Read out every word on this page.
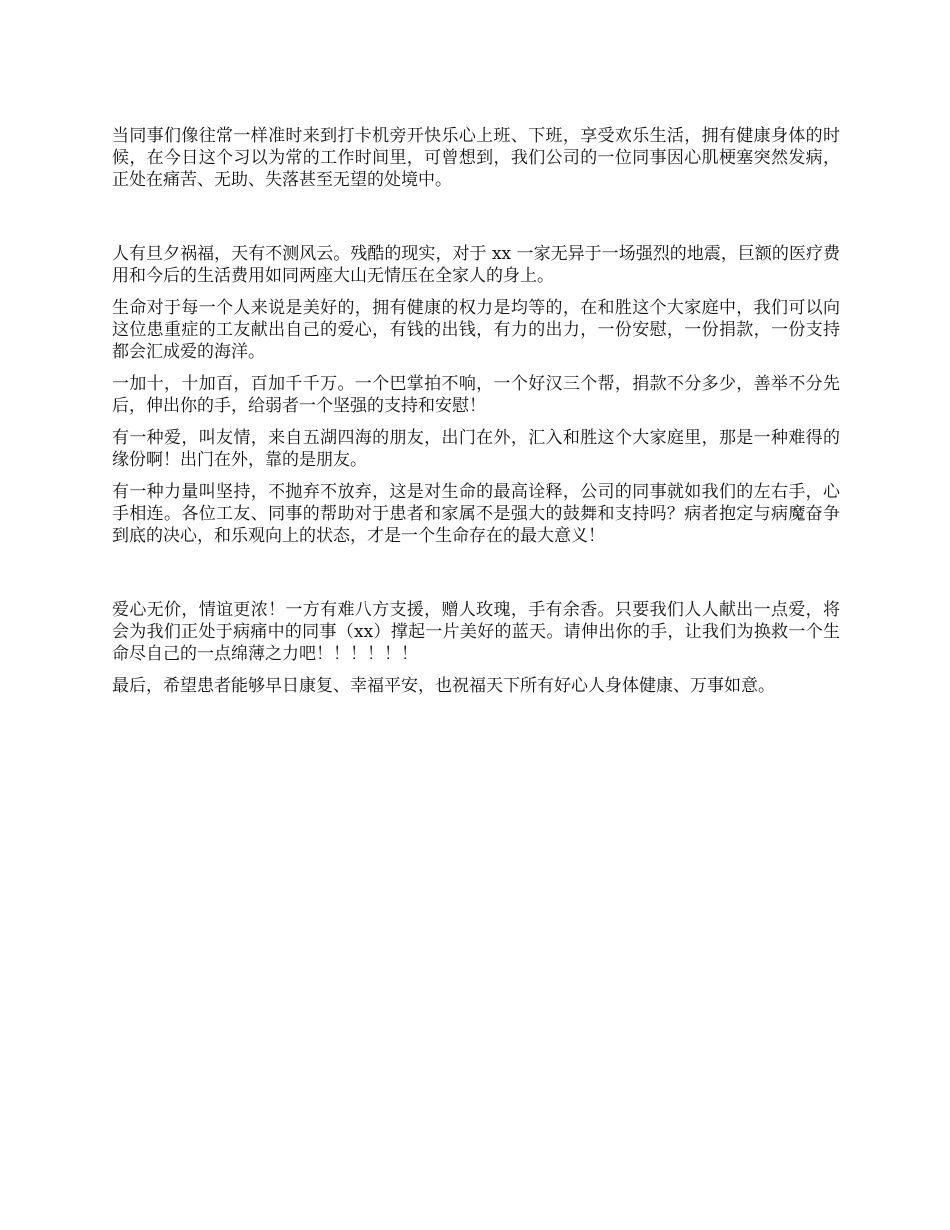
当同事们像往常一样准时来到打卡机旁开快乐心上班、下班，享受欢乐生活，拥有健康身体的时候，在今日这个习以为常的工作时间里，可曾想到，我们公司的一位同事因心肌梗塞突然发病，正处在痛苦、无助、失落甚至无望的处境中。

人有旦夕祸福，天有不测风云。残酷的现实，对于 xx 一家无异于一场强烈的地震，巨额的医疗费用和今后的生活费用如同两座大山无情压在全家人的身上。

生命对于每一个人来说是美好的，拥有健康的权力是均等的，在和胜这个大家庭中，我们可以向这位患重症的工友献出自己的爱心，有钱的出钱，有力的出力，一份安慰，一份捐款，一份支持都会汇成爱的海洋。

一加十，十加百，百加千千万。一个巴掌拍不响，一个好汉三个帮，捐款不分多少，善举不分先后，伸出你的手，给弱者一个坚强的支持和安慰！

有一种爱，叫友情，来自五湖四海的朋友，出门在外，汇入和胜这个大家庭里，那是一种难得的缘份啊！出门在外，靠的是朋友。

有一种力量叫坚持，不抛弃不放弃，这是对生命的最高诠释，公司的同事就如我们的左右手，心手相连。各位工友、同事的帮助对于患者和家属不是强大的鼓舞和支持吗？病者抱定与病魔奋争到底的决心，和乐观向上的状态，才是一个生命存在的最大意义！

爱心无价，情谊更浓！一方有难八方支援，赠人玫瑰，手有余香。只要我们人人献出一点爱，将会为我们正处于病痛中的同事（xx）撑起一片美好的蓝天。请伸出你的手，让我们为换救一个生命尽自己的一点绵薄之力吧！！！！！！

最后，希望患者能够早日康复、幸福平安，也祝福天下所有好心人身体健康、万事如意。
